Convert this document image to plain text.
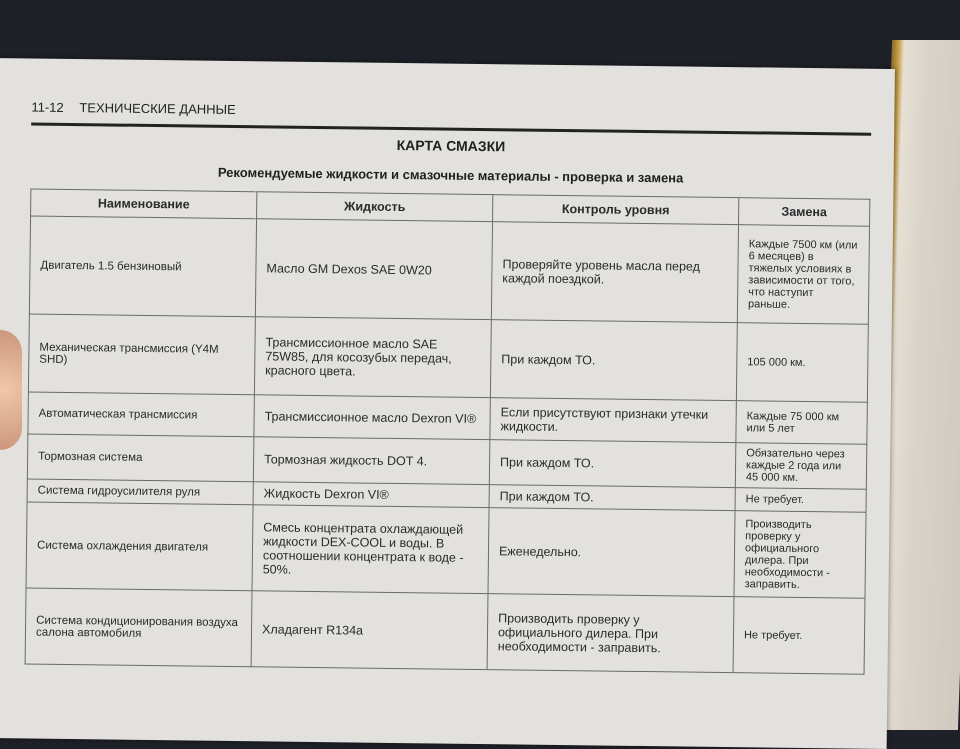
11-12 ТЕХНИЧЕСКИЕ ДАННЫЕ
КАРТА СМАЗКИ
Рекомендуемые жидкости и смазочные материалы - проверка и замена
Наименование	Жидкость	Контроль уровня	Замена
Двигатель 1.5 бензиновый	Масло GM Dexos SAE 0W20	Проверяйте уровень масла перед каждой поездкой.	Каждые 7500 км (или 6 месяцев) в тяжелых условиях в зависимости от того, что наступит раньше.
Механическая трансмиссия (Y4M SHD)	Трансмиссионное масло SAE 75W85, для косозубых передач, красного цвета.	При каждом ТО.	105 000 км.
Автоматическая трансмиссия	Трансмиссионное масло Dexron VI®	Если присутствуют признаки утечки жидкости.	Каждые 75 000 км или 5 лет
Тормозная система	Тормозная жидкость DOT 4.	При каждом ТО.	Обязательно через каждые 2 года или 45 000 км.
Система гидроусилителя руля	Жидкость Dexron VI®	При каждом ТО.	Не требует.
Система охлаждения двигателя	Смесь концентрата охлаждающей жидкости DEX-COOL и воды. В соотношении концентрата к воде - 50%.	Еженедельно.	Производить проверку у официального дилера. При необходимости - заправить.
Система кондиционирования воздуха салона автомобиля	Хладагент R134a	Производить проверку у официального дилера. При необходимости - заправить.	Не требует.
